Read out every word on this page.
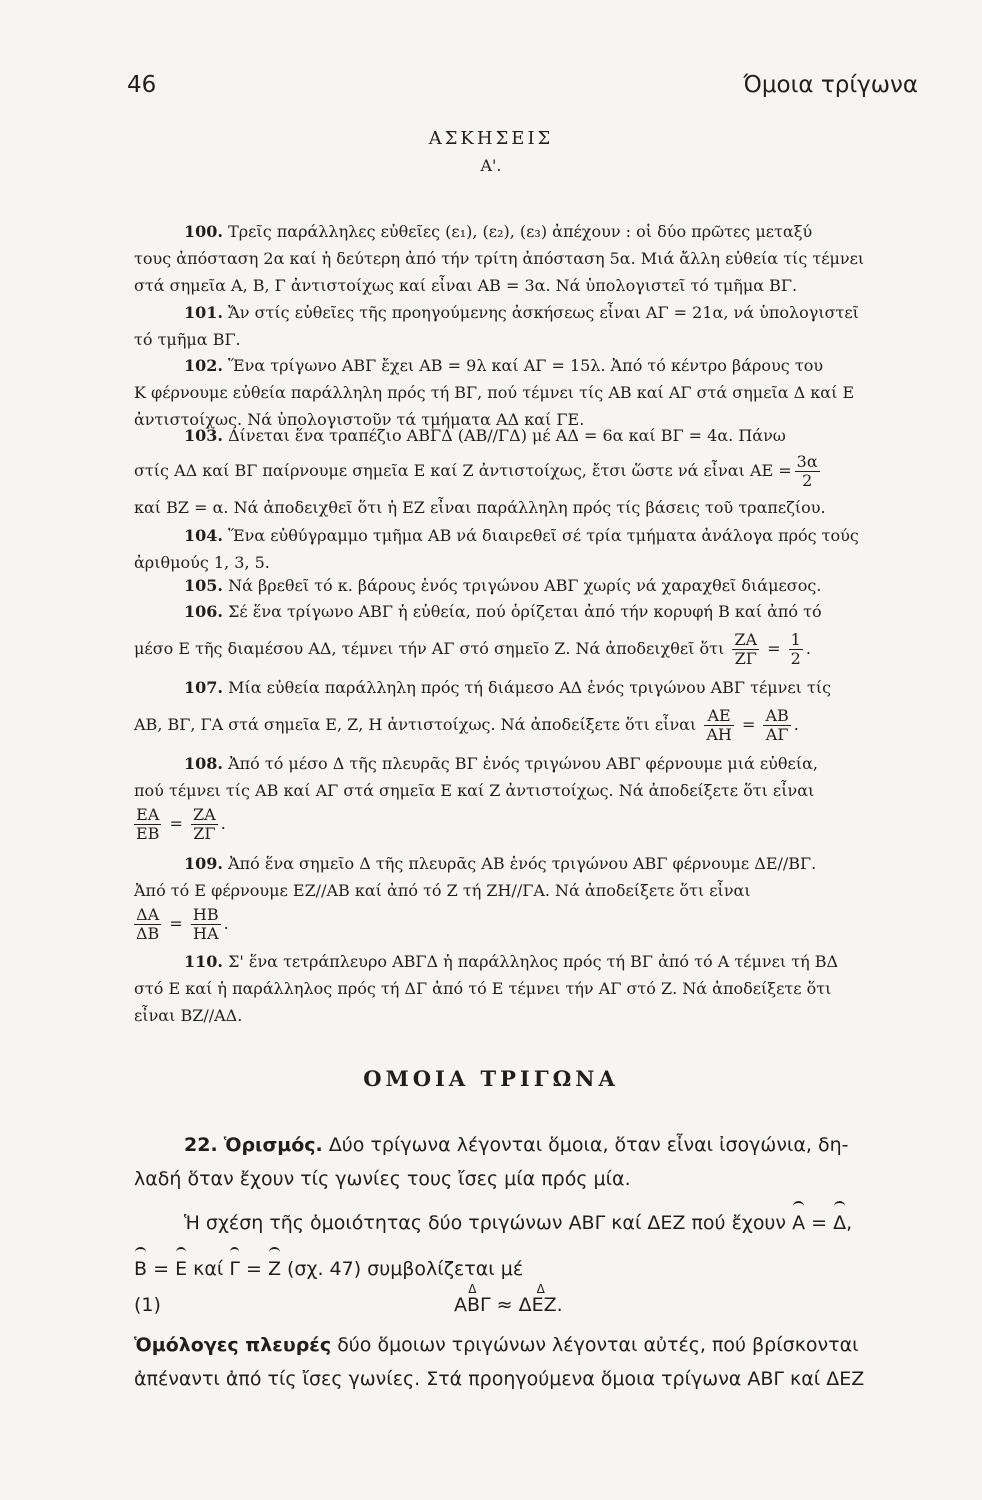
46	Όμοια τρίγωνα
ΑΣΚΗΣΕΙΣ
Α'.
100. Τρεῖς παράλληλες εὐθεῖες (ε₁), (ε₂), (ε₃) ἀπέχουν : οἱ δύο πρῶτες μεταξύ
τους ἀπόσταση 2α καί ἡ δεύτερη ἀπό τήν τρίτη ἀπόσταση 5α. Μιά ἄλλη εὐθεία τίς τέμνει
στά σημεῖα Α, Β, Γ ἀντιστοίχως καί εἶναι ΑΒ = 3α. Νά ὑπολογιστεῖ τό τμῆμα ΒΓ.
101. Ἄν στίς εὐθεῖες τῆς προηγούμενης ἀσκήσεως εἶναι ΑΓ = 21α, νά ὑπολογιστεῖ
τό τμῆμα ΒΓ.
102. Ἕνα τρίγωνο ΑΒΓ ἔχει ΑΒ = 9λ καί ΑΓ = 15λ. Ἀπό τό κέντρο βάρους του
Κ φέρνουμε εὐθεία παράλληλη πρός τή ΒΓ, πού τέμνει τίς ΑΒ καί ΑΓ στά σημεῖα Δ καί Ε
ἀντιστοίχως. Νά ὑπολογιστοῦν τά τμήματα ΑΔ καί ΓΕ.
103. Δίνεται ἕνα τραπέζιο ΑΒΓΔ (ΑΒ//ΓΔ) μέ ΑΔ = 6α καί ΒΓ = 4α. Πάνω
στίς ΑΔ καί ΒΓ παίρνουμε σημεῖα Ε καί Ζ ἀντιστοίχως, ἔτσι ὥστε νά εἶναι $AE = \frac{3\alpha}{2}$
καί ΒΖ = α. Νά ἀποδειχθεῖ ὅτι ἡ ΕΖ εἶναι παράλληλη πρός τίς βάσεις τοῦ τραπεζίου.
104. Ἕνα εὐθύγραμμο τμῆμα ΑΒ νά διαιρεθεῖ σέ τρία τμήματα ἀνάλογα πρός τούς
ἀριθμούς 1, 3, 5.
105. Νά βρεθεῖ τό κ. βάρους ἑνός τριγώνου ΑΒΓ χωρίς νά χαραχθεῖ διάμεσος.
106. Σέ ἕνα τρίγωνο ΑΒΓ ἡ εὐθεία, πού ὁρίζεται ἀπό τήν κορυφή Β καί ἀπό τό
μέσο Ε τῆς διαμέσου ΑΔ, τέμνει τήν ΑΓ στό σημεῖο Ζ. Νά ἀποδειχθεῖ ὅτι $\frac{ZA}{Z\Gamma} = \frac{1}{2}$ .
107. Μία εὐθεία παράλληλη πρός τή διάμεσο ΑΔ ἑνός τριγώνου ΑΒΓ τέμνει τίς
ΑΒ, ΒΓ, ΓΑ στά σημεῖα Ε, Ζ, Η ἀντιστοίχως. Νά ἀποδείξετε ὅτι εἶναι $\frac{AE}{AH} = \frac{AB}{A\Gamma}$ .
108. Ἀπό τό μέσο Δ τῆς πλευρᾶς ΒΓ ἑνός τριγώνου ΑΒΓ φέρνουμε μιά εὐθεία,
πού τέμνει τίς ΑΒ καί ΑΓ στά σημεῖα Ε καί Ζ ἀντιστοίχως. Νά ἀποδείξετε ὅτι εἶναι
$\frac{EA}{EB} = \frac{ZA}{Z\Gamma}$ .
109. Ἀπό ἕνα σημεῖο Δ τῆς πλευρᾶς ΑΒ ἑνός τριγώνου ΑΒΓ φέρνουμε ΔΕ//ΒΓ.
Ἀπό τό Ε φέρνουμε ΕΖ//ΑΒ καί ἀπό τό Ζ τή ΖΗ//ΓΑ. Νά ἀποδείξετε ὅτι εἶναι
$\frac{\Delta A}{\Delta B} = \frac{HB}{HA}$ .
110. Σ' ἕνα τετράπλευρο ΑΒΓΔ ἡ παράλληλος πρός τή ΒΓ ἀπό τό Α τέμνει τή ΒΔ
στό Ε καί ἡ παράλληλος πρός τή ΔΓ ἀπό τό Ε τέμνει τήν ΑΓ στό Ζ. Νά ἀποδείξετε ὅτι
εἶναι ΒΖ//ΑΔ.
ΟΜΟΙΑ ΤΡΙΓΩΝΑ
22. Ὁρισμός. Δύο τρίγωνα λέγονται ὅμοια, ὅταν εἶναι ἰσογώνια, δη-
λαδή ὅταν ἔχουν τίς γωνίες τους ἴσες μία πρός μία.
Ἡ σχέση τῆς ὁμοιότητας δύο τριγώνων ΑΒΓ καί ΔΕΖ πού ἔχουν Α = Δ,
Β = Ε καί Γ = Ζ (σχ. 47) συμβολίζεται μέ
(1)	Δ ΑΒΓ ≈ Δ ΔΕΖ.
Ὁμόλογες πλευρές δύο ὅμοιων τριγώνων λέγονται αὐτές, πού βρίσκονται
ἀπέναντι ἀπό τίς ἴσες γωνίες. Στά προηγούμενα ὅμοια τρίγωνα ΑΒΓ καί ΔΕΖ
